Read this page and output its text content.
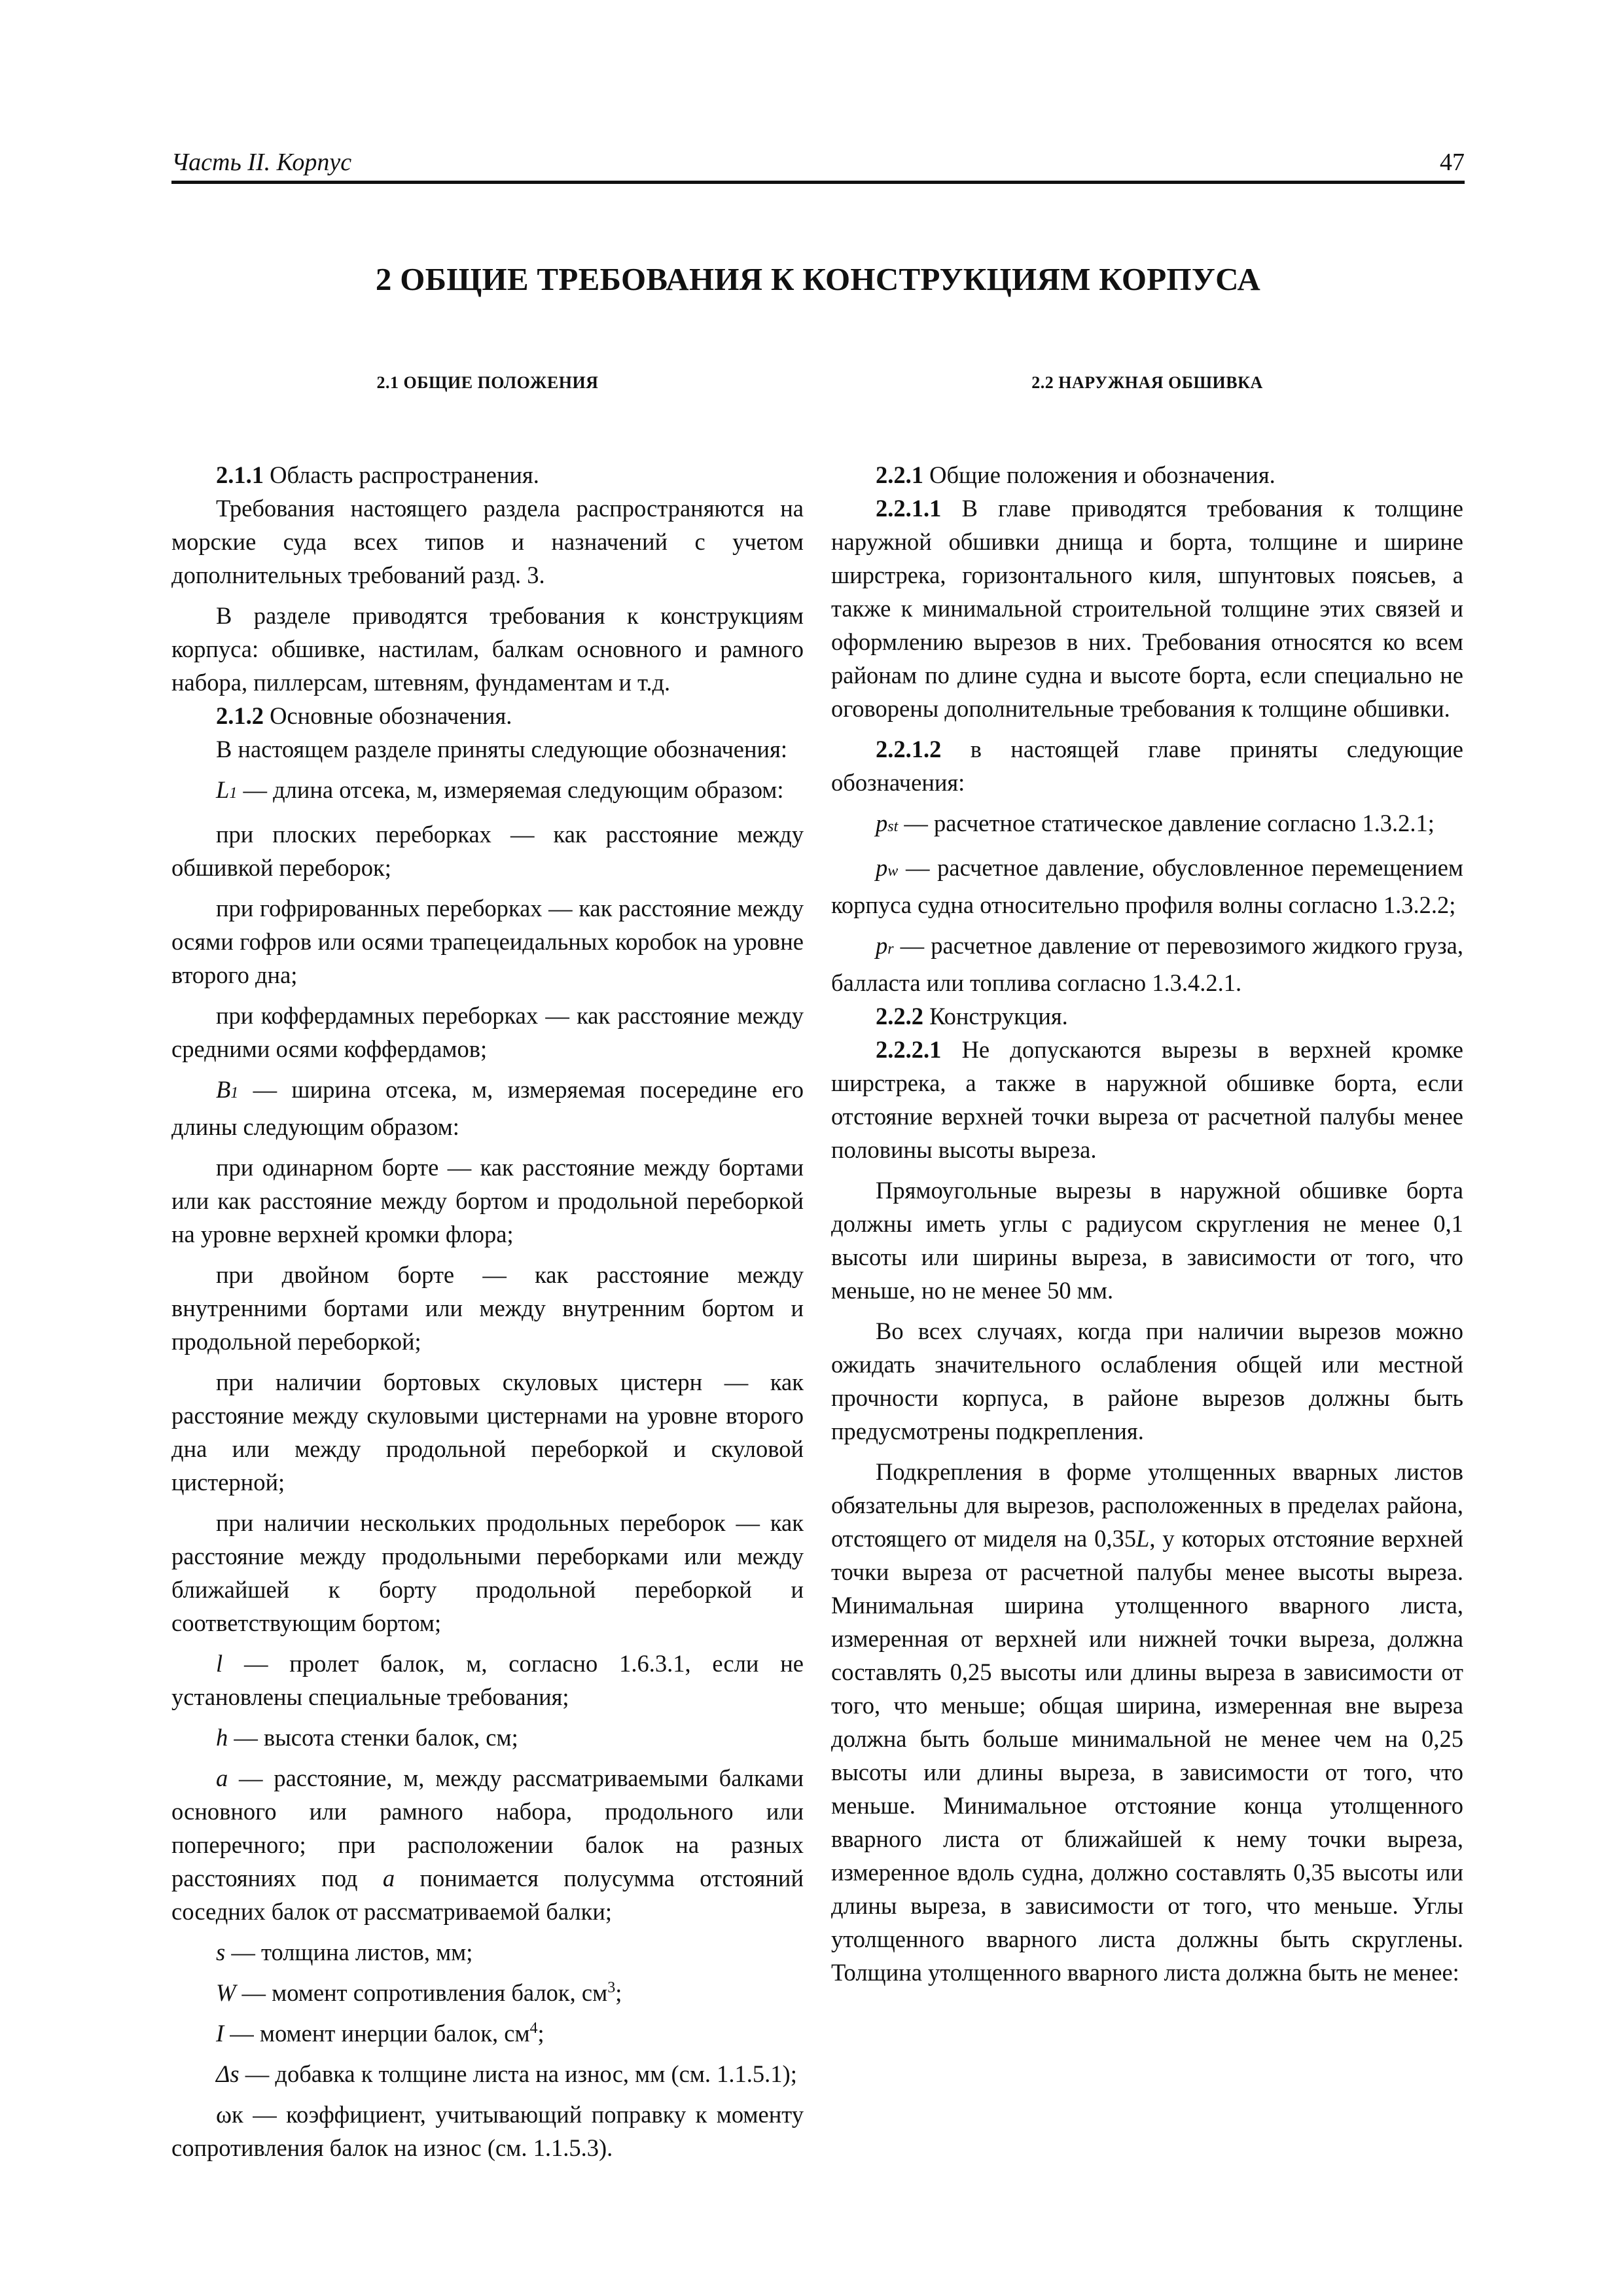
Часть II. Корпус	47
2 ОБЩИЕ ТРЕБОВАНИЯ К КОНСТРУКЦИЯМ КОРПУСА
2.1 ОБЩИЕ ПОЛОЖЕНИЯ

2.1.1 Область распространения.

Требования настоящего раздела распространяются на морские суда всех типов и назначений с учетом дополнительных требований разд. 3.

В разделе приводятся требования к конструкциям корпуса: обшивке, настилам, балкам основного и рамного набора, пиллерсам, штевням, фундаментам и т.д.

2.1.2 Основные обозначения.

В настоящем разделе приняты следующие обозначения:

L1 — длина отсека, м, измеряемая следующим образом:

при плоских переборках — как расстояние между обшивкой переборок;

при гофрированных переборках — как расстояние между осями гофров или осями трапецеидальных коробок на уровне второго дна;

при коффердамных переборках — как расстояние между средними осями коффердамов;

B1 — ширина отсека, м, измеряемая посередине его длины следующим образом:

при одинарном борте — как расстояние между бортами или как расстояние между бортом и продольной переборкой на уровне верхней кромки флора;

при двойном борте — как расстояние между внутренними бортами или между внутренним бортом и продольной переборкой;

при наличии бортовых скуловых цистерн — как расстояние между скуловыми цистернами на уровне второго дна или между продольной переборкой и скуловой цистерной;

при наличии нескольких продольных переборок — как расстояние между продольными переборками или между ближайшей к борту продольной переборкой и соответствующим бортом;

l — пролет балок, м, согласно 1.6.3.1, если не установлены специальные требования;

h — высота стенки балок, см;

a — расстояние, м, между рассматриваемыми балками основного или рамного набора, продольного или поперечного; при расположении балок на разных расстояниях под a понимается полусумма отстояний соседних балок от рассматриваемой балки;

s — толщина листов, мм;

W — момент сопротивления балок, $см^3$;

I — момент инерции балок, $см^4$;

Δs — добавка к толщине листа на износ, мм (см. 1.1.5.1);

ωк — коэффициент, учитывающий поправку к моменту сопротивления балок на износ (см. 1.1.5.3).

2.2 НАРУЖНАЯ ОБШИВКА

2.2.1 Общие положения и обозначения.

2.2.1.1 В главе приводятся требования к толщине наружной обшивки днища и борта, толщине и ширине ширстрека, горизонтального киля, шпунтовых поясьев, а также к минимальной строительной толщине этих связей и оформлению вырезов в них. Требования относятся ко всем районам по длине судна и высоте борта, если специально не оговорены дополнительные требования к толщине обшивки.

2.2.1.2 в настоящей главе приняты следующие обозначения:

pst — расчетное статическое давление согласно 1.3.2.1;

pw — расчетное давление, обусловленное перемещением корпуса судна относительно профиля волны согласно 1.3.2.2;

pr — расчетное давление от перевозимого жидкого груза, балласта или топлива согласно 1.3.4.2.1.

2.2.2 Конструкция.

2.2.2.1 Не допускаются вырезы в верхней кромке ширстрека, а также в наружной обшивке борта, если отстояние верхней точки выреза от расчетной палубы менее половины высоты выреза.

Прямоугольные вырезы в наружной обшивке борта должны иметь углы с радиусом скругления не менее 0,1 высоты или ширины выреза, в зависимости от того, что меньше, но не менее 50 мм.

Во всех случаях, когда при наличии вырезов можно ожидать значительного ослабления общей или местной прочности корпуса, в районе вырезов должны быть предусмотрены подкрепления.

Подкрепления в форме утолщенных вварных листов обязательны для вырезов, расположенных в пределах района, отстоящего от миделя на 0,35L, у которых отстояние верхней точки выреза от расчетной палубы менее высоты выреза. Минимальная ширина утолщенного вварного листа, измеренная от верхней или нижней точки выреза, должна составлять 0,25 высоты или длины выреза в зависимости от того, что меньше; общая ширина, измеренная вне выреза должна быть больше минимальной не менее чем на 0,25 высоты или длины выреза, в зависимости от того, что меньше. Минимальное отстояние конца утолщенного вварного листа от ближайшей к нему точки выреза, измеренное вдоль судна, должно составлять 0,35 высоты или длины выреза, в зависимости от того, что меньше. Углы утолщенного вварного листа должны быть скруглены. Толщина утолщенного вварного листа должна быть не менее:
